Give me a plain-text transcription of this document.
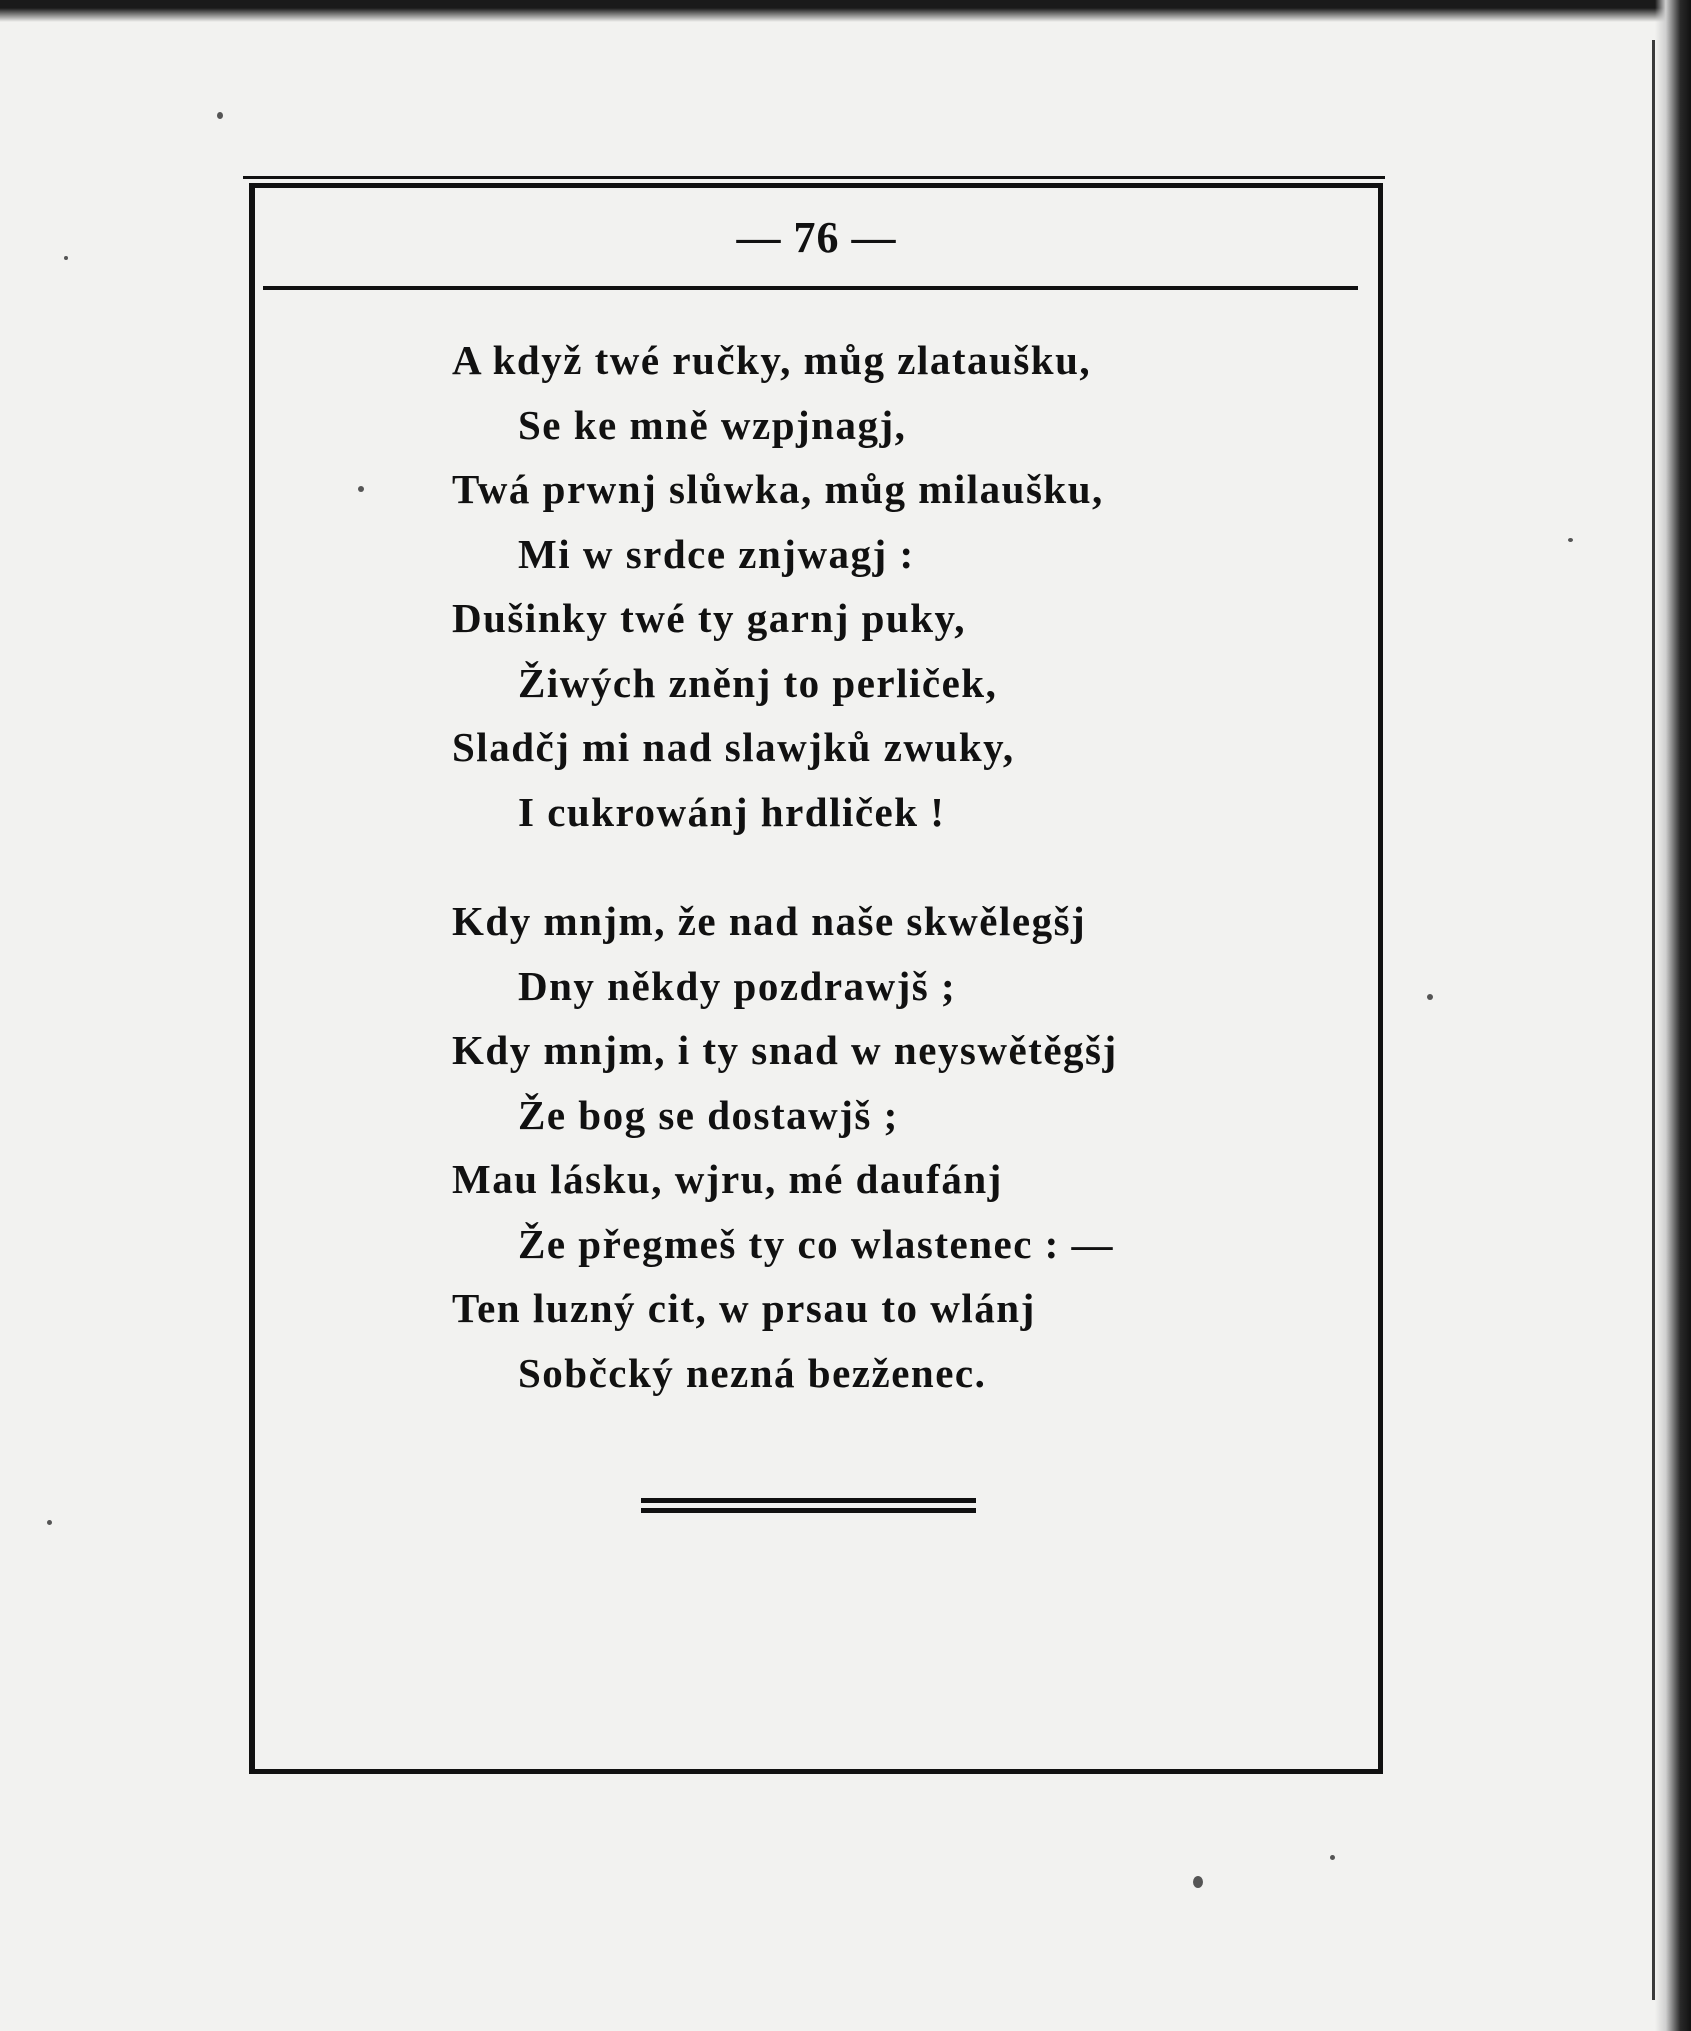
— 76 —
A když twé ručky, můg zlataušku,
Se ke mně wzpjnagj,
Twá prwnj slůwka, můg milaušku,
Mi w srdce znjwagj :
Dušinky twé ty garnj puky,
Žiwých zněnj to perliček,
Sladčj mi nad slawjků zwuky,
I cukrowánj hrdliček !
Kdy mnjm, že nad naše skwělegšj
Dny někdy pozdrawjš ;
Kdy mnjm, i ty snad w neyswětěgšj
Že bog se dostawjš ;
Mau lásku, wjru, mé daufánj
Že přegmeš ty co wlastenec : —
Ten luzný cit, w prsau to wlánj
Sobčcký nezná bezženec.
